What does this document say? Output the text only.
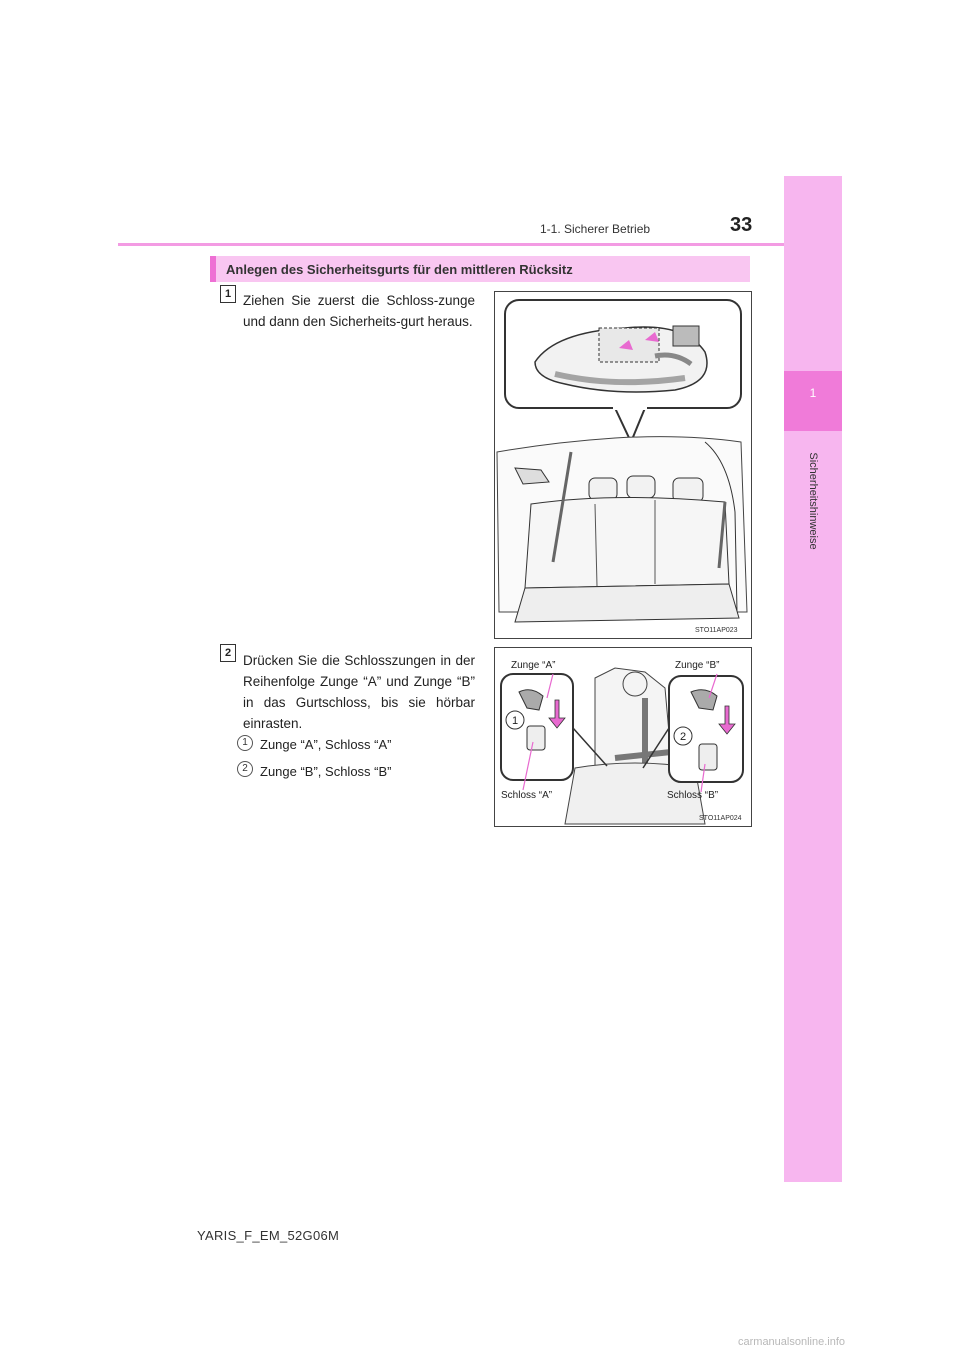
1
Sicherheitshinweise
1-1. Sicherer Betrieb	33
Anlegen des Sicherheitsgurts für den mittleren Rücksitz
1 Ziehen Sie zuerst die Schloss-zunge und dann den Sicherheits-gurt heraus.
STO11AP023
2 Drücken Sie die Schlosszungen in der Reihenfolge Zunge “A” und Zunge “B” in das Gurtschloss, bis sie hörbar einrasten.
1 Zunge “A”, Schloss “A”
2 Zunge “B”, Schloss “B”
1
2
Zunge “A”	Zunge “B”
Schloss “A”	Schloss “B”
STO11AP024
YARIS_F_EM_52G06M
carmanualsonline.info
